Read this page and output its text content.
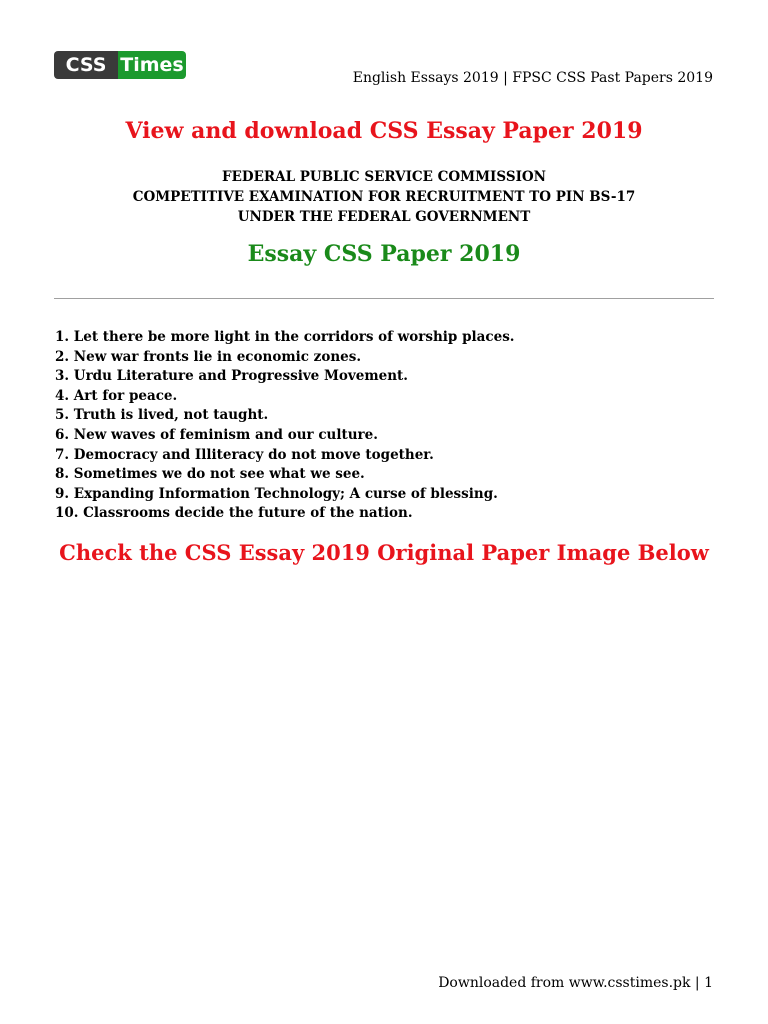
CSS Times
English Essays 2019 | FPSC CSS Past Papers 2019
View and download CSS Essay Paper 2019
FEDERAL PUBLIC SERVICE COMMISSION
COMPETITIVE EXAMINATION FOR RECRUITMENT TO PIN BS-17
UNDER THE FEDERAL GOVERNMENT
Essay CSS Paper 2019
1. Let there be more light in the corridors of worship places.
2. New war fronts lie in economic zones.
3. Urdu Literature and Progressive Movement.
4. Art for peace.
5. Truth is lived, not taught.
6. New waves of feminism and our culture.
7. Democracy and Illiteracy do not move together.
8. Sometimes we do not see what we see.
9. Expanding Information Technology; A curse of blessing.
10. Classrooms decide the future of the nation.
Check the CSS Essay 2019 Original Paper Image Below
Downloaded from www.csstimes.pk | 1
